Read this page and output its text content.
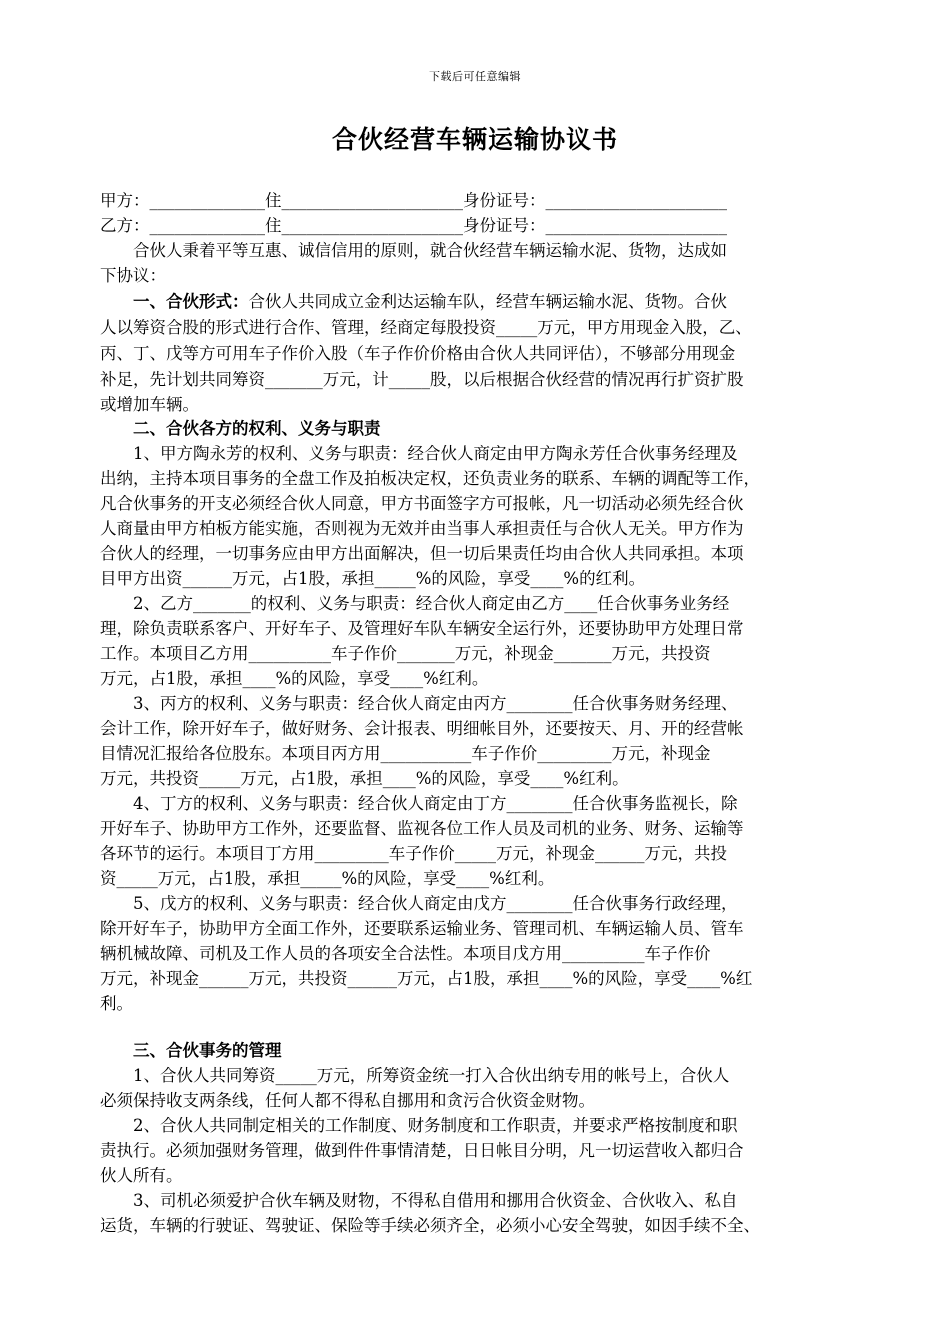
下载后可任意编辑
合伙经营车辆运输协议书
甲方：______________住______________________身份证号：______________________
乙方：______________住______________________身份证号：______________________
　　合伙人秉着平等互惠、诚信信用的原则，就合伙经营车辆运输水泥、货物，达成如
下协议：
　　一、合伙形式：合伙人共同成立金利达运输车队，经营车辆运输水泥、货物。合伙
人以筹资合股的形式进行合作、管理，经商定每股投资_____万元，甲方用现金入股，乙、
丙、丁、戊等方可用车子作价入股（车子作价价格由合伙人共同评估），不够部分用现金
补足，先计划共同筹资_______万元，计_____股，以后根据合伙经营的情况再行扩资扩股
或增加车辆。
　　二、合伙各方的权利、义务与职责
　　1、甲方陶永芳的权利、义务与职责：经合伙人商定由甲方陶永芳任合伙事务经理及
出纳，主持本项目事务的全盘工作及拍板决定权，还负责业务的联系、车辆的调配等工作，
凡合伙事务的开支必须经合伙人同意，甲方书面签字方可报帐，凡一切活动必须先经合伙
人商量由甲方柏板方能实施，否则视为无效并由当事人承担责任与合伙人无关。甲方作为
合伙人的经理，一切事务应由甲方出面解决，但一切后果责任均由合伙人共同承担。本项
目甲方出资______万元，占1股，承担_____%的风险，享受____%的红利。
　　2、乙方_______的权利、义务与职责：经合伙人商定由乙方____任合伙事务业务经
理，除负责联系客户、开好车子、及管理好车队车辆安全运行外，还要协助甲方处理日常
工作。本项目乙方用__________车子作价_______万元，补现金_______万元，共投资
万元，占1股，承担____%的风险，享受____%红利。
　　3、丙方的权利、义务与职责：经合伙人商定由丙方________任合伙事务财务经理、
会计工作，除开好车子，做好财务、会计报表、明细帐目外，还要按天、月、开的经营帐
目情况汇报给各位股东。本项目丙方用___________车子作价_________万元，补现金
万元，共投资_____万元，占1股，承担____%的风险，享受____%红利。
　　4、丁方的权利、义务与职责：经合伙人商定由丁方________任合伙事务监视长，除
开好车子、协助甲方工作外，还要监督、监视各位工作人员及司机的业务、财务、运输等
各环节的运行。本项目丁方用_________车子作价_____万元，补现金______万元，共投
资_____万元，占1股，承担_____%的风险，享受____%红利。
　　5、戊方的权利、义务与职责：经合伙人商定由戊方________任合伙事务行政经理，
除开好车子，协助甲方全面工作外，还要联系运输业务、管理司机、车辆运输人员、管车
辆机械故障、司机及工作人员的各项安全合法性。本项目戊方用__________车子作价
万元，补现金______万元，共投资______万元，占1股，承担____%的风险，享受____%红
利。
　　三、合伙事务的管理
　　1、合伙人共同筹资_____万元，所筹资金统一打入合伙出纳专用的帐号上，合伙人
必须保持收支两条线，任何人都不得私自挪用和贪污合伙资金财物。
　　2、合伙人共同制定相关的工作制度、财务制度和工作职责，并要求严格按制度和职
责执行。必须加强财务管理，做到件件事情清楚，日日帐目分明，凡一切运营收入都归合
伙人所有。
　　3、司机必须爱护合伙车辆及财物，不得私自借用和挪用合伙资金、合伙收入、私自
运货，车辆的行驶证、驾驶证、保险等手续必须齐全，必须小心安全驾驶，如因手续不全、
